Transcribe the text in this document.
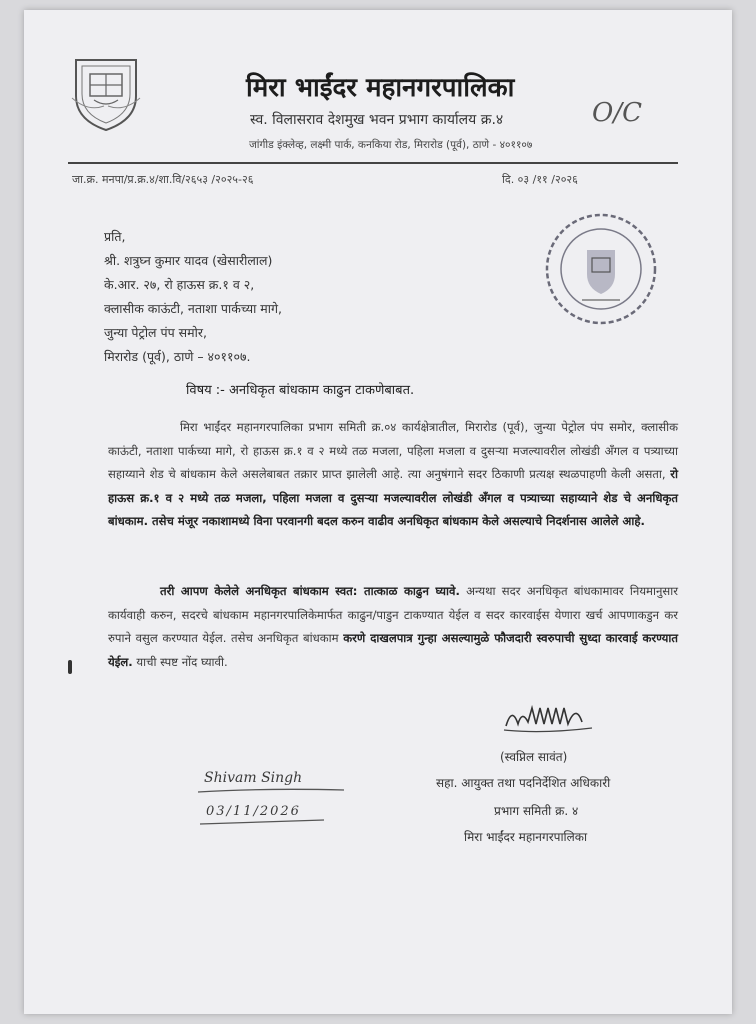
मिरा भाईंदर महानगरपालिका
स्व. विलासराव देशमुख भवन प्रभाग कार्यालय क्र.४
जांगीड इंक्लेव्ह, लक्ष्मी पार्क, कनकिया रोड, मिरारोड (पूर्व), ठाणे - ४०११०७
O/C
जा.क्र. मनपा/प्र.क्र.४/शा.वि/२६५३ /२०२५-२६	दि. ०३ /११ /२०२६
प्रति,
श्री. शत्रुघ्न कुमार यादव (खेसारीलाल)
के.आर. २७, रो हाऊस क्र.१ व २,
क्लासीक काऊंटी, नताशा पार्कच्या मागे,
जुन्या पेट्रोल पंप समोर,
मिरारोड (पूर्व), ठाणे – ४०११०७.
विषय :- अनधिकृत बांधकाम काढुन टाकणेबाबत.
मिरा भाईंदर महानगरपालिका प्रभाग समिती क्र.०४ कार्यक्षेत्रातील, मिरारोड (पूर्व), जुन्या पेट्रोल पंप समोर, क्लासीक काऊंटी, नताशा पार्कच्या मागे, रो हाऊस क्र.१ व २ मध्ये तळ मजला, पहिला मजला व दुसऱ्या मजल्यावरील लोखंडी अँगल व पत्र्याच्या सहाय्याने शेड चे बांधकाम केले असलेबाबत तक्रार प्राप्त झालेली आहे. त्या अनुषंगाने सदर ठिकाणी प्रत्यक्ष स्थळपाहणी केली असता, रो हाऊस क्र.१ व २ मध्ये तळ मजला, पहिला मजला व दुसऱ्या मजल्यावरील लोखंडी अँगल व पत्र्याच्या सहाय्याने शेड चे अनधिकृत बांधकाम. तसेच मंजूर नकाशामध्ये विना परवानगी बदल करुन वाढीव अनधिकृत बांधकाम केले असल्याचे निदर्शनास आलेले आहे.
तरी आपण केलेले अनधिकृत बांधकाम स्वत: तात्काळ काढुन घ्यावे. अन्यथा सदर अनधिकृत बांधकामावर नियमानुसार कार्यवाही करुन, सदरचे बांधकाम महानगरपालिकेमार्फत काढुन/पाडुन टाकण्यात येईल व सदर कारवाईस येणारा खर्च आपणाकडुन कर रुपाने वसुल करण्यात येईल. तसेच अनधिकृत बांधकाम करणे दाखलपात्र गुन्हा असल्यामुळे फौजदारी स्वरुपाची सुध्दा कारवाई करण्यात येईल. याची स्पष्ट नोंद घ्यावी.
(स्वप्निल सावंत)
सहा. आयुक्त तथा पदनिर्देशित अधिकारी
प्रभाग समिती क्र. ४
मिरा भाईंदर महानगरपालिका
Shivam Singh
03/11/2026
